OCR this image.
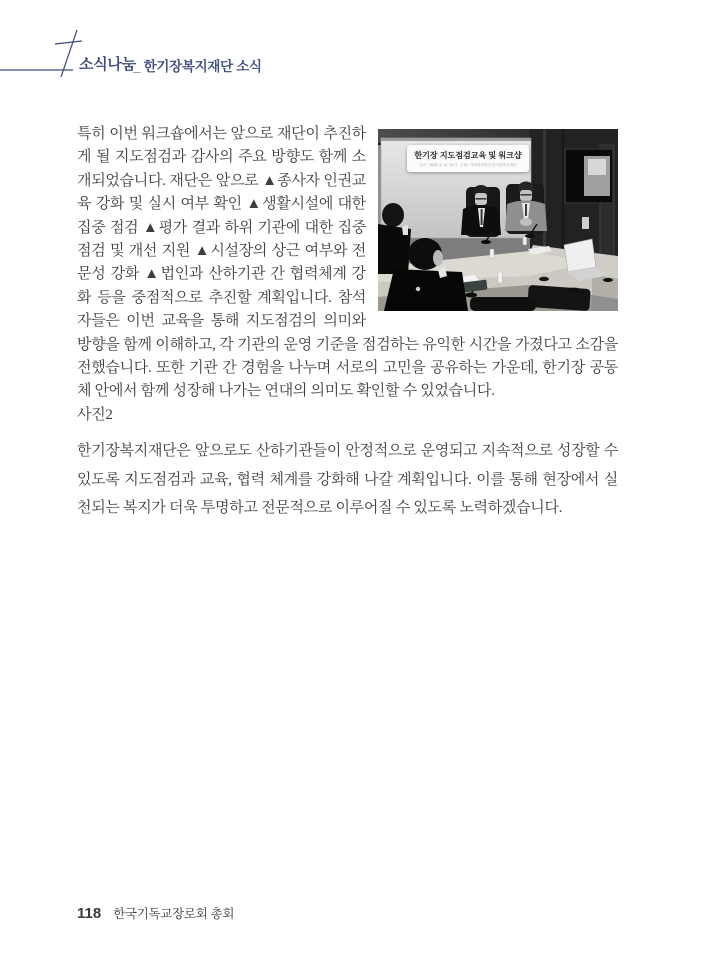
소식나눔
_ 한기장복지재단 소식
한기장 지도점검교육 및 워크샵
일시 : 2025. 5. 12. 10시 · 주최 : 사회복지법인 한기장복지재단

특히 이번 워크숍에서는 앞으로 재단이 추진하게 될 지도점검과 감사의 주요 방향도 함께 소개되었습니다. 재단은 앞으로 ▲종사자 인권교육 강화 및 실시 여부 확인 ▲생활시설에 대한 집중 점검 ▲평가 결과 하위 기관에 대한 집중 점검 및 개선 지원 ▲시설장의 상근 여부와 전문성 강화 ▲법인과 산하기관 간 협력체계 강화 등을 중점적으로 추진할 계획입니다. 참석자들은 이번 교육을 통해 지도점검의 의미와 방향을 함께 이해하고, 각 기관의 운영 기준을 점검하는 유익한 시간을 가졌다고 소감을 전했습니다. 또한 기관 간 경험을 나누며 서로의 고민을 공유하는 가운데, 한기장 공동체 안에서 함께 성장해 나가는 연대의 의미도 확인할 수 있었습니다.

사진2

한기장복지재단은 앞으로도 산하기관들이 안정적으로 운영되고 지속적으로 성장할 수 있도록 지도점검과 교육, 협력 체계를 강화해 나갈 계획입니다. 이를 통해 현장에서 실천되는 복지가 더욱 투명하고 전문적으로 이루어질 수 있도록 노력하겠습니다.

118 한국기독교장로회 총회
